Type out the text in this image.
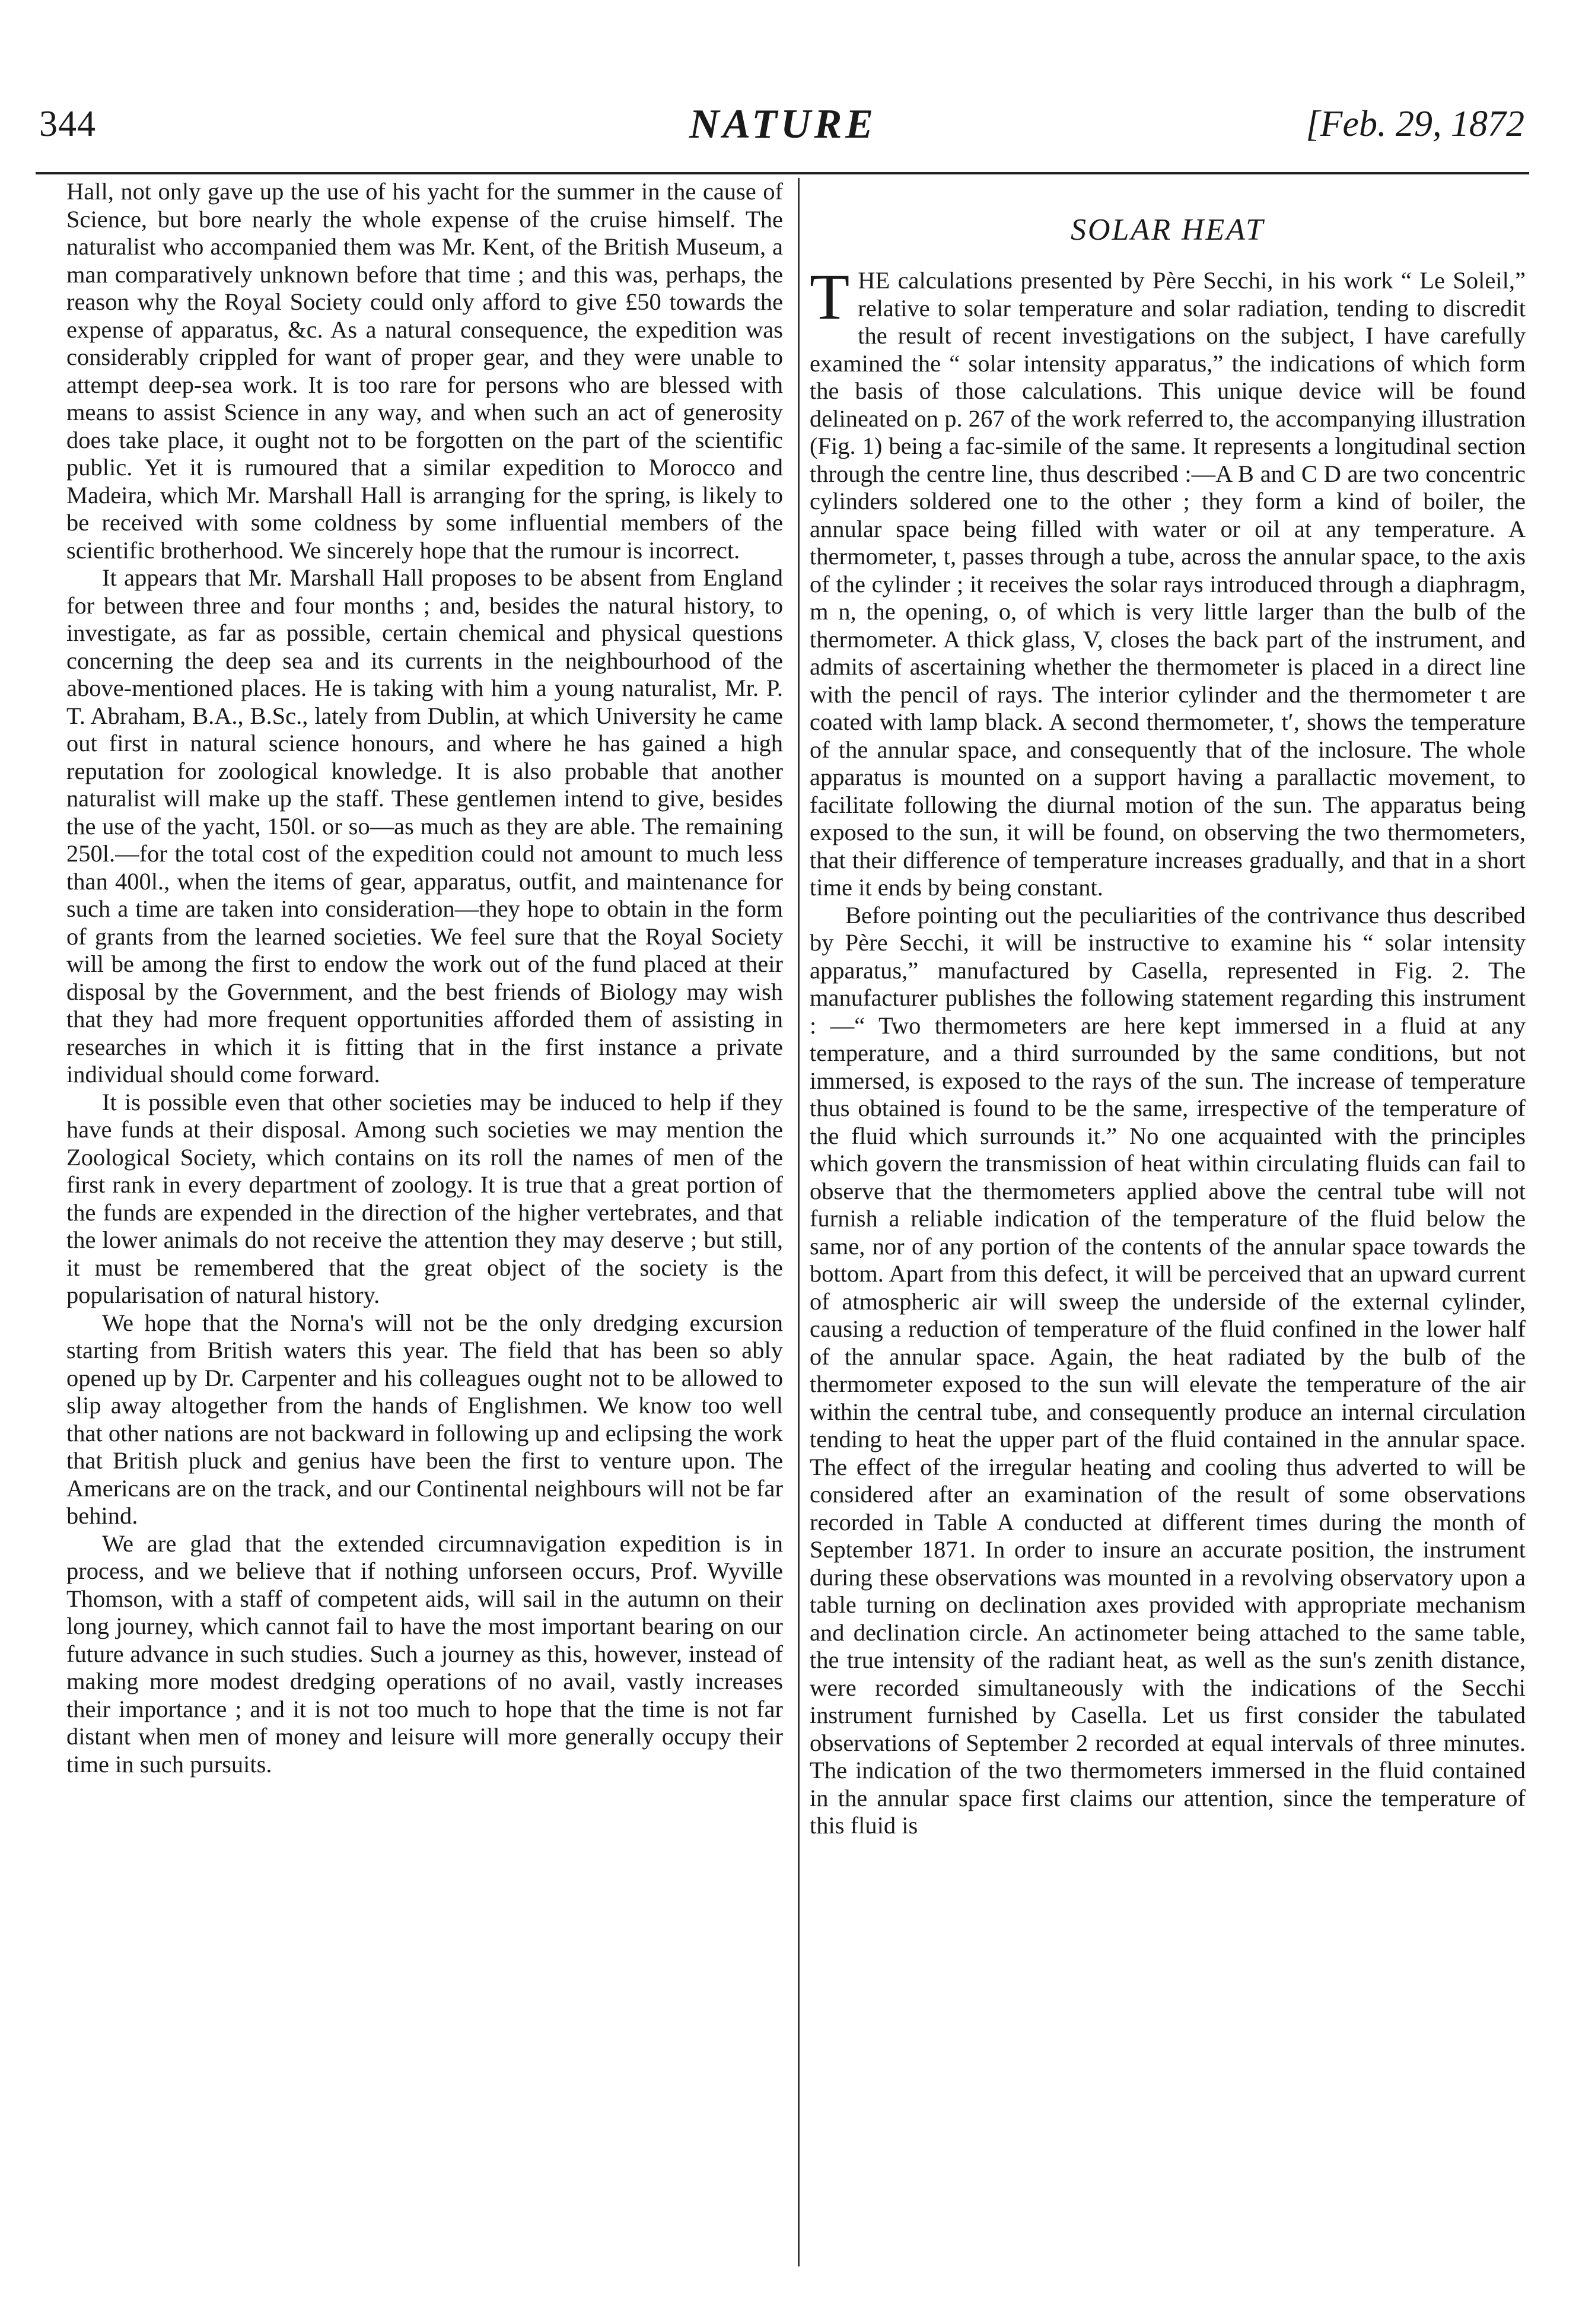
344	NATURE	[Feb. 29, 1872

Hall, not only gave up the use of his yacht for the summer in the cause of Science, but bore nearly the whole expense of the cruise himself. The naturalist who accompanied them was Mr. Kent, of the British Museum, a man comparatively unknown before that time ; and this was, perhaps, the reason why the Royal Society could only afford to give £50 towards the expense of apparatus, &c. As a natural consequence, the expedition was considerably crippled for want of proper gear, and they were unable to attempt deep-sea work. It is too rare for persons who are blessed with means to assist Science in any way, and when such an act of generosity does take place, it ought not to be forgotten on the part of the scientific public. Yet it is rumoured that a similar expedition to Morocco and Madeira, which Mr. Marshall Hall is arranging for the spring, is likely to be received with some coldness by some influential members of the scientific brotherhood. We sincerely hope that the rumour is incorrect.

It appears that Mr. Marshall Hall proposes to be absent from England for between three and four months ; and, besides the natural history, to investigate, as far as possible, certain chemical and physical questions concerning the deep sea and its currents in the neighbourhood of the above-mentioned places. He is taking with him a young naturalist, Mr. P. T. Abraham, B.A., B.Sc., lately from Dublin, at which University he came out first in natural science honours, and where he has gained a high reputation for zoological knowledge. It is also probable that another naturalist will make up the staff. These gentlemen intend to give, besides the use of the yacht, 150l. or so—as much as they are able. The remaining 250l.—for the total cost of the expedition could not amount to much less than 400l., when the items of gear, apparatus, outfit, and maintenance for such a time are taken into consideration—they hope to obtain in the form of grants from the learned societies. We feel sure that the Royal Society will be among the first to endow the work out of the fund placed at their disposal by the Government, and the best friends of Biology may wish that they had more frequent opportunities afforded them of assisting in researches in which it is fitting that in the first instance a private individual should come forward.

It is possible even that other societies may be induced to help if they have funds at their disposal. Among such societies we may mention the Zoological Society, which contains on its roll the names of men of the first rank in every department of zoology. It is true that a great portion of the funds are expended in the direction of the higher vertebrates, and that the lower animals do not receive the attention they may deserve ; but still, it must be remembered that the great object of the society is the popularisation of natural history.

We hope that the Norna's will not be the only dredging excursion starting from British waters this year. The field that has been so ably opened up by Dr. Carpenter and his colleagues ought not to be allowed to slip away altogether from the hands of Englishmen. We know too well that other nations are not backward in following up and eclipsing the work that British pluck and genius have been the first to venture upon. The Americans are on the track, and our Continental neighbours will not be far behind.

We are glad that the extended circumnavigation expedition is in process, and we believe that if nothing unforseen occurs, Prof. Wyville Thomson, with a staff of competent aids, will sail in the autumn on their long journey, which cannot fail to have the most important bearing on our future advance in such studies. Such a journey as this, however, instead of making more modest dredging operations of no avail, vastly increases their importance ; and it is not too much to hope that the time is not far distant when men of money and leisure will more generally occupy their time in such pursuits.

SOLAR HEAT

THE calculations presented by Père Secchi, in his work “ Le Soleil,” relative to solar temperature and solar radiation, tending to discredit the result of recent investigations on the subject, I have carefully examined the “ solar intensity apparatus,” the indications of which form the basis of those calculations. This unique device will be found delineated on p. 267 of the work referred to, the accompanying illustration (Fig. 1) being a fac-simile of the same. It represents a longitudinal section through the centre line, thus described :—A B and C D are two concentric cylinders soldered one to the other ; they form a kind of boiler, the annular space being filled with water or oil at any temperature. A thermometer, t, passes through a tube, across the annular space, to the axis of the cylinder ; it receives the solar rays introduced through a diaphragm, m n, the opening, o, of which is very little larger than the bulb of the thermometer. A thick glass, V, closes the back part of the instrument, and admits of ascertaining whether the thermometer is placed in a direct line with the pencil of rays. The interior cylinder and the thermometer t are coated with lamp black. A second thermometer, t′, shows the temperature of the annular space, and consequently that of the inclosure. The whole apparatus is mounted on a support having a parallactic movement, to facilitate following the diurnal motion of the sun. The apparatus being exposed to the sun, it will be found, on observing the two thermometers, that their difference of temperature increases gradually, and that in a short time it ends by being constant.

Before pointing out the peculiarities of the contrivance thus described by Père Secchi, it will be instructive to examine his “ solar intensity apparatus,” manufactured by Casella, represented in Fig. 2. The manufacturer publishes the following statement regarding this instrument : —“ Two thermometers are here kept immersed in a fluid at any temperature, and a third surrounded by the same conditions, but not immersed, is exposed to the rays of the sun. The increase of temperature thus obtained is found to be the same, irrespective of the temperature of the fluid which surrounds it.” No one acquainted with the principles which govern the transmission of heat within circulating fluids can fail to observe that the thermometers applied above the central tube will not furnish a reliable indication of the temperature of the fluid below the same, nor of any portion of the contents of the annular space towards the bottom. Apart from this defect, it will be perceived that an upward current of atmospheric air will sweep the underside of the external cylinder, causing a reduction of temperature of the fluid confined in the lower half of the annular space. Again, the heat radiated by the bulb of the thermometer exposed to the sun will elevate the temperature of the air within the central tube, and consequently produce an internal circulation tending to heat the upper part of the fluid contained in the annular space. The effect of the irregular heating and cooling thus adverted to will be considered after an examination of the result of some observations recorded in Table A conducted at different times during the month of September 1871. In order to insure an accurate position, the instrument during these observations was mounted in a revolving observatory upon a table turning on declination axes provided with appropriate mechanism and declination circle. An actinometer being attached to the same table, the true intensity of the radiant heat, as well as the sun's zenith distance, were recorded simultaneously with the indications of the Secchi instrument furnished by Casella. Let us first consider the tabulated observations of September 2 recorded at equal intervals of three minutes. The indication of the two thermometers immersed in the fluid contained in the annular space first claims our attention, since the temperature of this fluid is
